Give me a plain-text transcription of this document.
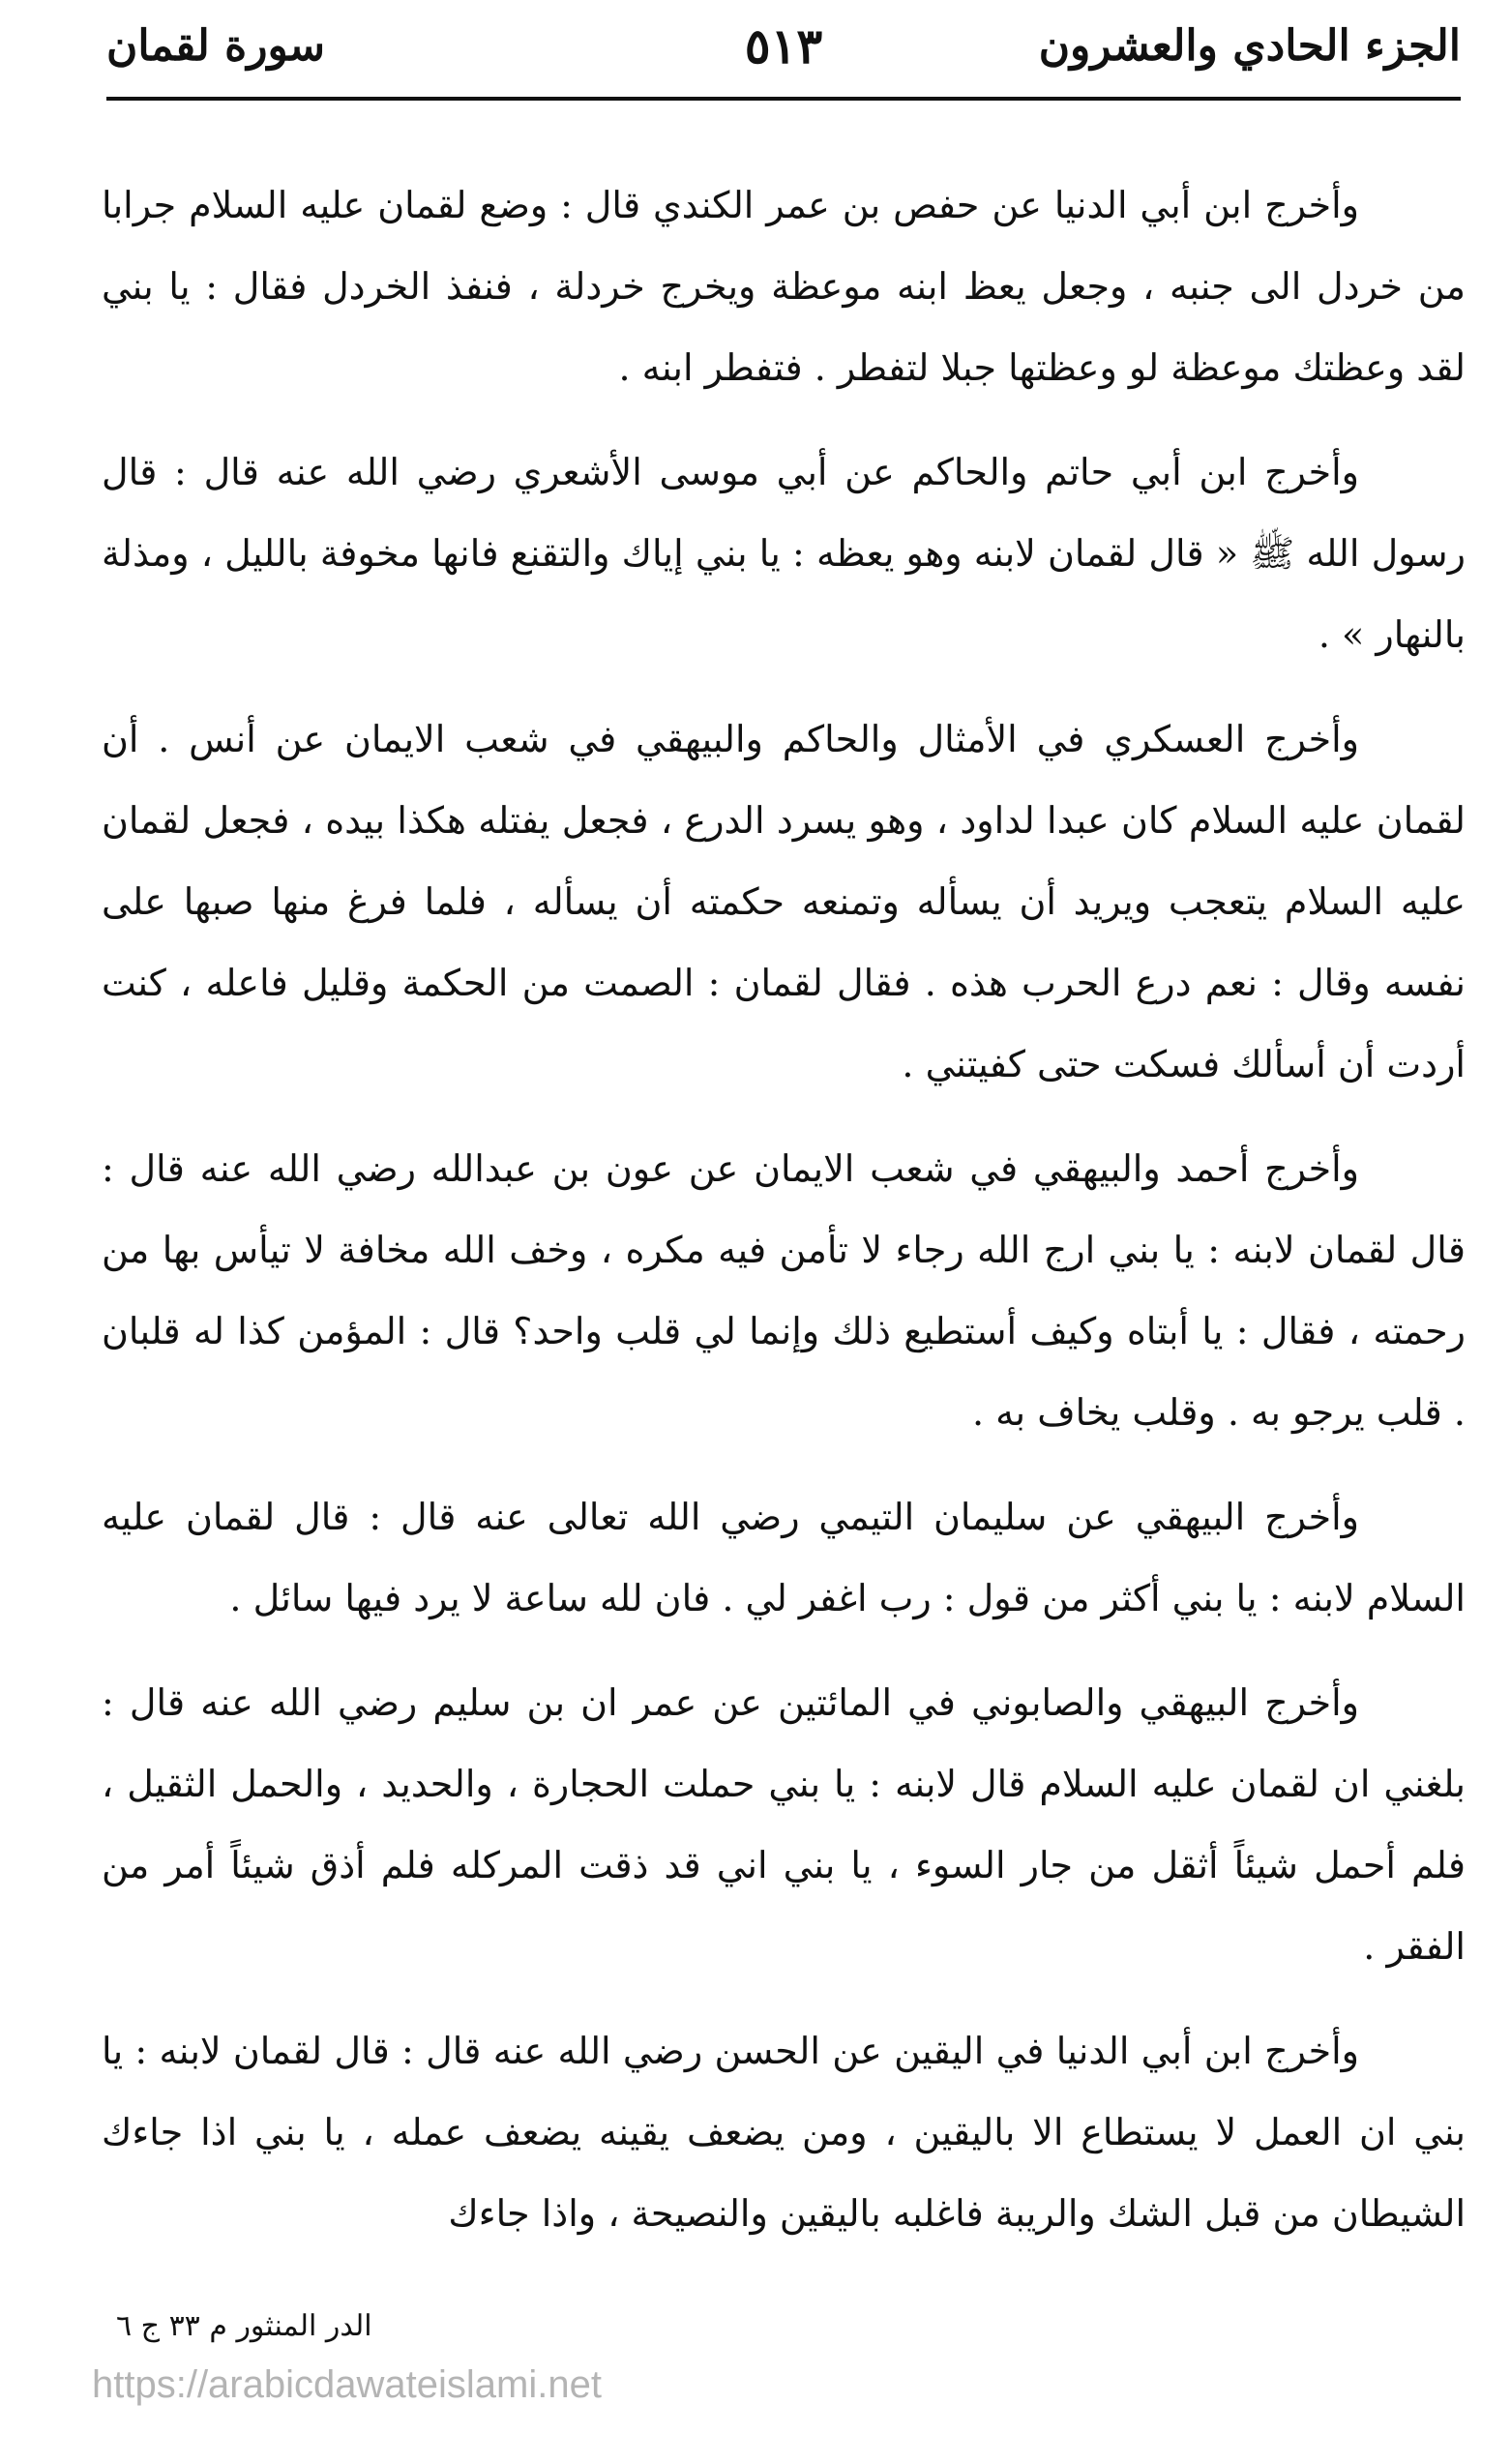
الجزء الحادي والعشرون
٥١٣
سورة لقمان

وأخرج ابن أبي الدنيا عن حفص بن عمر الكندي قال : وضع لقمان عليه السلام جرابا من خردل الى جنبه ، وجعل يعظ ابنه موعظة ويخرج خردلة ، فنفذ الخردل فقال : يا بني لقد وعظتك موعظة لو وعظتها جبلا لتفطر . فتفطر ابنه .

وأخرج ابن أبي حاتم والحاكم عن أبي موسى الأشعري رضي الله عنه قال : قال رسول الله ﷺ « قال لقمان لابنه وهو يعظه : يا بني إياك والتقنع فانها مخوفة بالليل ، ومذلة بالنهار » .

وأخرج العسكري في الأمثال والحاكم والبيهقي في شعب الايمان عن أنس . أن لقمان عليه السلام كان عبدا لداود ، وهو يسرد الدرع ، فجعل يفتله هكذا بيده ، فجعل لقمان عليه السلام يتعجب ويريد أن يسأله وتمنعه حكمته أن يسأله ، فلما فرغ منها صبها على نفسه وقال : نعم درع الحرب هذه . فقال لقمان : الصمت من الحكمة وقليل فاعله ، كنت أردت أن أسألك فسكت حتى كفيتني .

وأخرج أحمد والبيهقي في شعب الايمان عن عون بن عبدالله رضي الله عنه قال : قال لقمان لابنه : يا بني ارج الله رجاء لا تأمن فيه مكره ، وخف الله مخافة لا تيأس بها من رحمته ، فقال : يا أبتاه وكيف أستطيع ذلك وإنما لي قلب واحد؟ قال : المؤمن كذا له قلبان . قلب يرجو به . وقلب يخاف به .

وأخرج البيهقي عن سليمان التيمي رضي الله تعالى عنه قال : قال لقمان عليه السلام لابنه : يا بني أكثر من قول : رب اغفر لي . فان لله ساعة لا يرد فيها سائل .

وأخرج البيهقي والصابوني في المائتين عن عمر ان بن سليم رضي الله عنه قال : بلغني ان لقمان عليه السلام قال لابنه : يا بني حملت الحجارة ، والحديد ، والحمل الثقيل ، فلم أحمل شيئاً أثقل من جار السوء ، يا بني اني قد ذقت المركله فلم أذق شيئاً أمر من الفقر .

وأخرج ابن أبي الدنيا في اليقين عن الحسن رضي الله عنه قال : قال لقمان لابنه : يا بني ان العمل لا يستطاع الا باليقين ، ومن يضعف يقينه يضعف عمله ، يا بني اذا جاءك الشيطان من قبل الشك والريبة فاغلبه باليقين والنصيحة ، واذا جاءك

الدر المنثور م ٣٣ ج ٦
https://arabicdawateislami.net
